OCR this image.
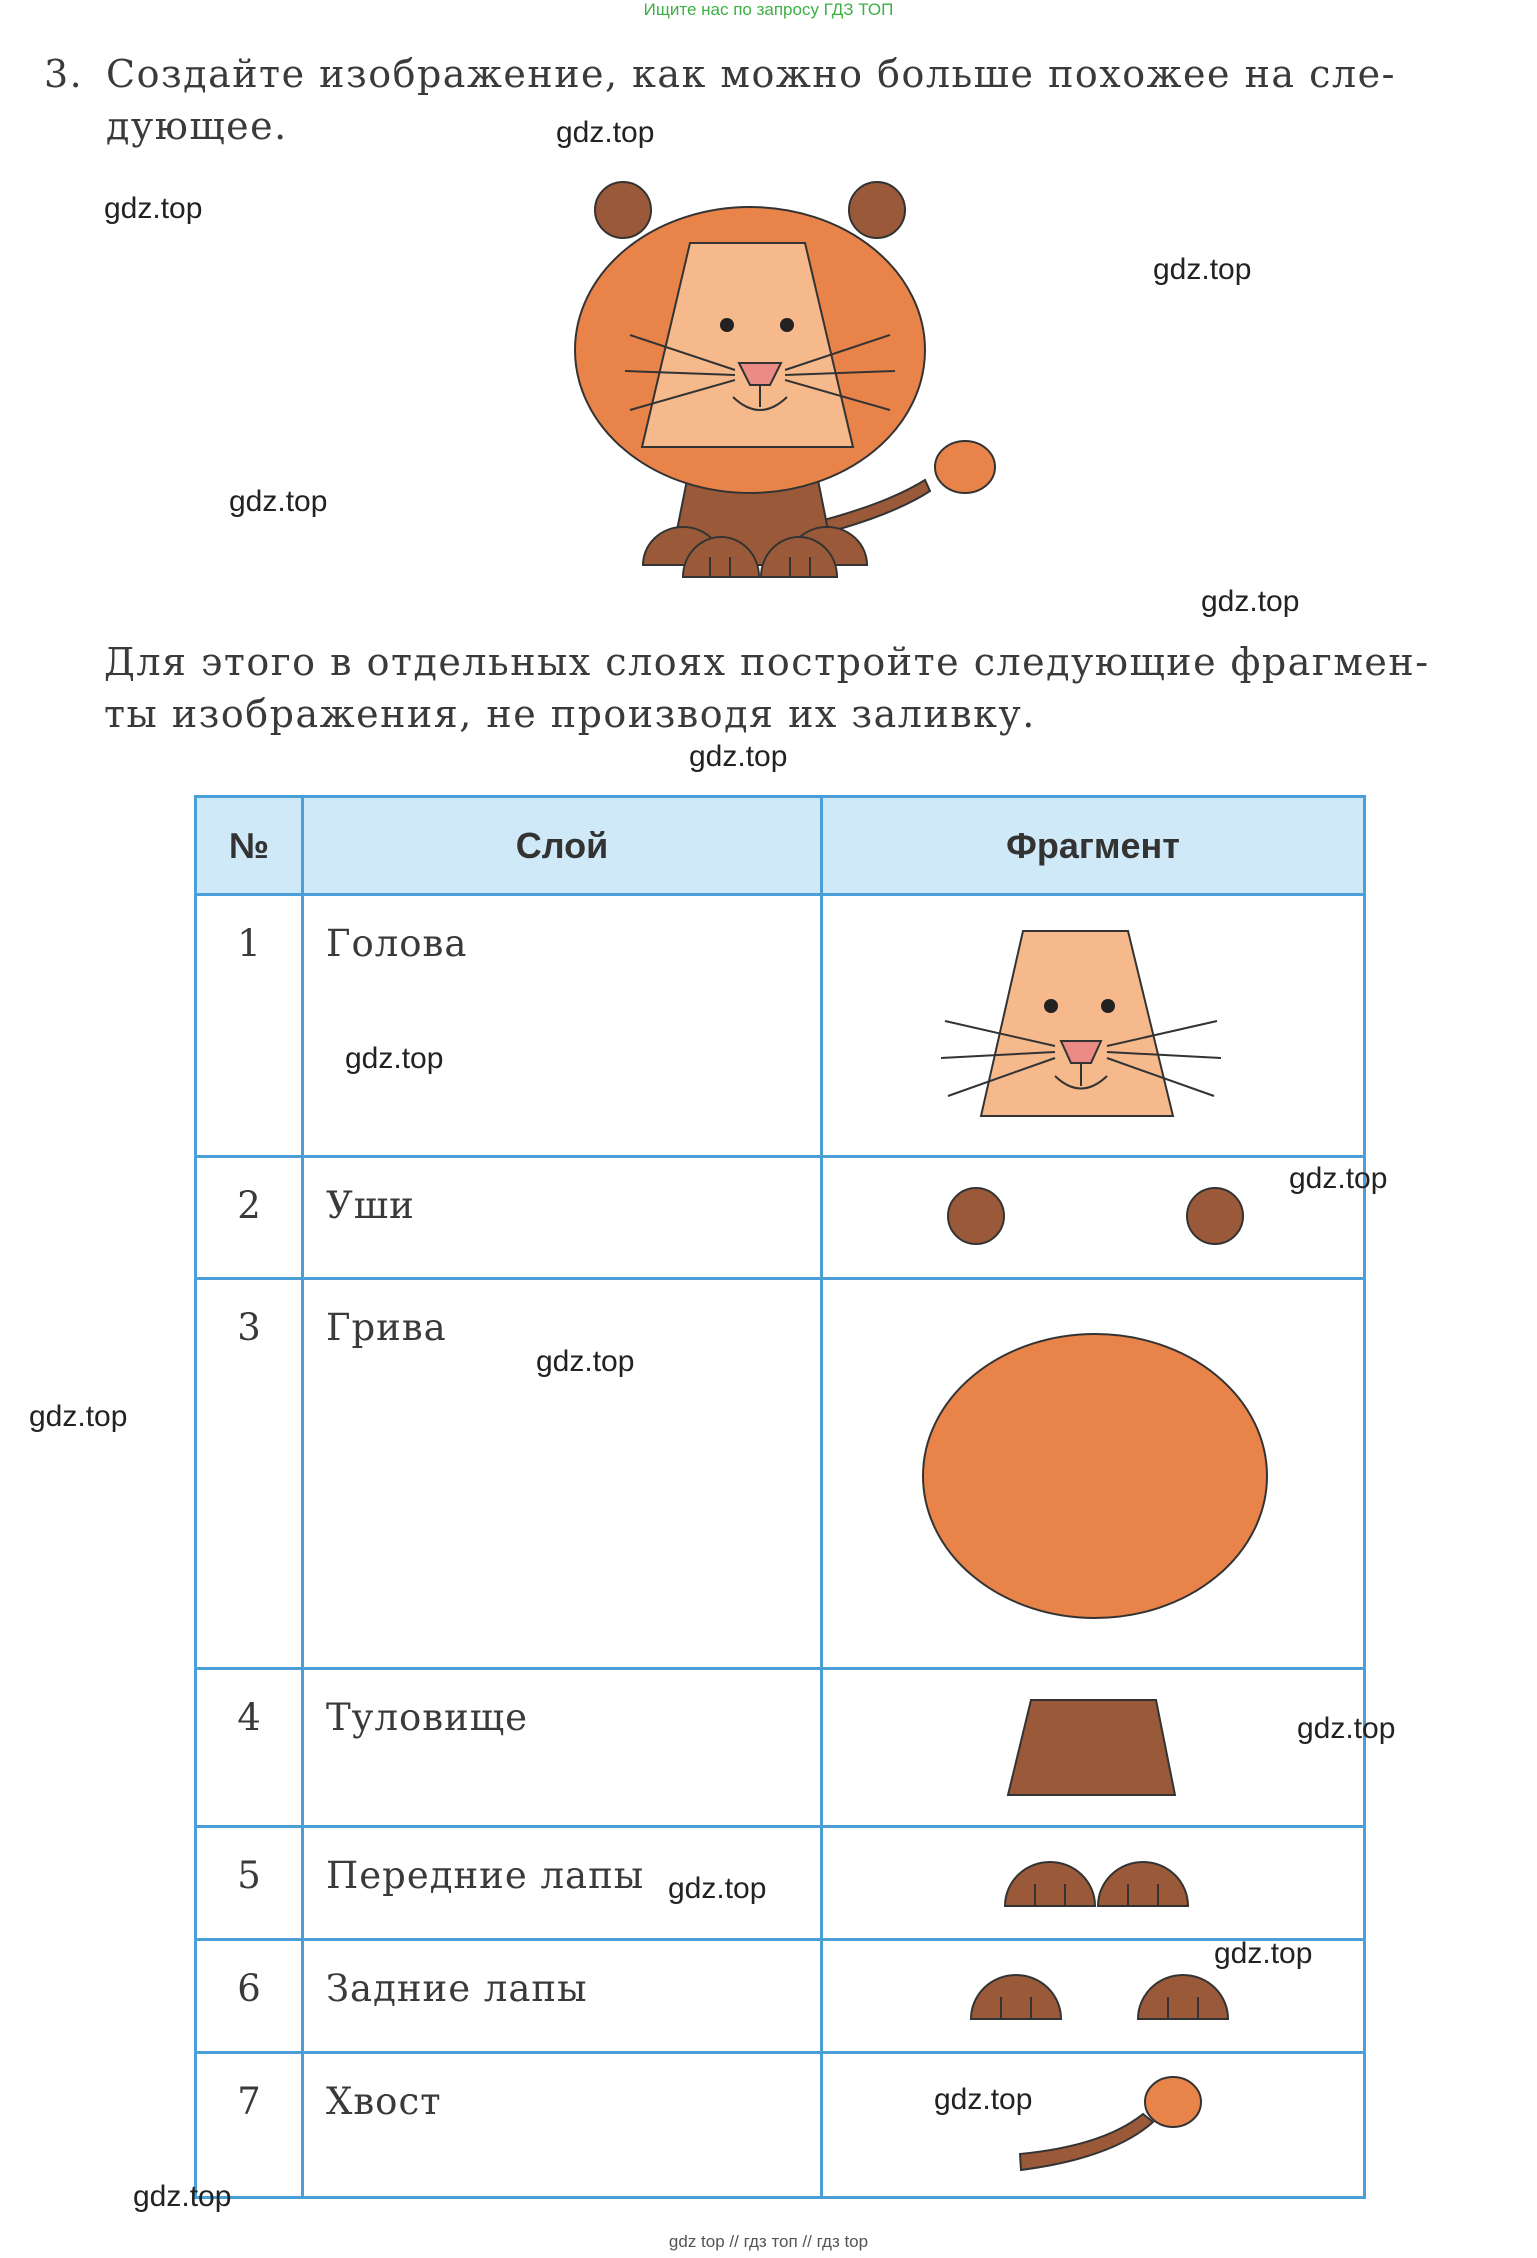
Ищите нас по запросу ГДЗ ТОП
3. Создайте изображение, как можно больше похожее на сле-
дующее.
Для этого в отдельных слоях постройте следующие фрагмен-
ты изображения, не производя их заливку.
№	Слой	Фрагмент
1	Голова	

2	Уши	

3	Грива	

4	Туловище	

5	Передние лапы	

6	Задние лапы	

7	Хвост	
gdz.top
gdz.top
gdz.top
gdz.top
gdz.top
gdz.top
gdz.top
gdz.top
gdz.top
gdz.top
gdz.top
gdz.top
gdz.top
gdz.top
gdz.top
gdz top // гдз топ // гдз top
